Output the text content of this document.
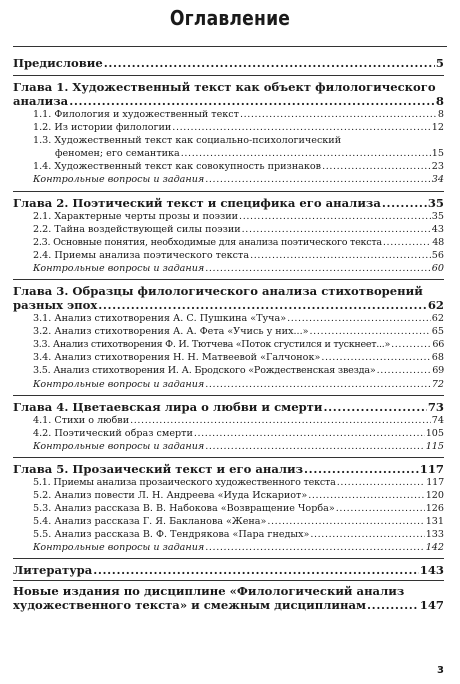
Оглавление
Предисловие .....	5
Глава 1. Художественный текст как объект филологического
анализа .....	8
1.1. Филология и художественный текст .....	8
1.2. Из истории филологии .....	12
1.3. Художественный текст как социально-психологический
феномен; его семантика .....	15
1.4. Художественный текст как совокупность признаков .....	23
Контрольные вопросы и задания .....	34
Глава 2. Поэтический текст и специфика его анализа .....	35
2.1. Характерные черты прозы и поэзии .....	35
2.2. Тайна воздействующей силы поэзии .....	43
2.3. Основные понятия, необходимые для анализа поэтического текста .....	48
2.4. Приемы анализа поэтического текста .....	56
Контрольные вопросы и задания .....	60
Глава 3. Образцы филологического анализа стихотворений
разных эпох .....	62
3.1. Анализ стихотворения А. С. Пушкина «Туча» .....	62
3.2. Анализ стихотворения А. А. Фета «Учись у них...» .....	65
3.3. Анализ стихотворения Ф. И. Тютчева «Поток сгустился и тускнеет...» .....	66
3.4. Анализ стихотворения Н. Н. Матвеевой «Галчонок» .....	68
3.5. Анализ стихотворения И. А. Бродского «Рождественская звезда» .....	69
Контрольные вопросы и задания .....	72
Глава 4. Цветаевская лира о любви и смерти .....	73
4.1. Стихи о любви .....	74
4.2. Поэтический образ смерти .....	105
Контрольные вопросы и задания .....	115
Глава 5. Прозаический текст и его анализ .....	117
5.1. Приемы анализа прозаического художественного текста .....	117
5.2. Анализ повести Л. Н. Андреева «Иуда Искариот» .....	120
5.3. Анализ рассказа В. В. Набокова «Возвращение Чорба» .....	126
5.4. Анализ рассказа Г. Я. Бакланова «Жена» .....	131
5.5. Анализ рассказа В. Ф. Тендрякова «Пара гнедых» .....	133
Контрольные вопросы и задания .....	142
Литература .....	143
Новые издания по дисциплине «Филологический анализ
художественного текста» и смежным дисциплинам .....	147
3
